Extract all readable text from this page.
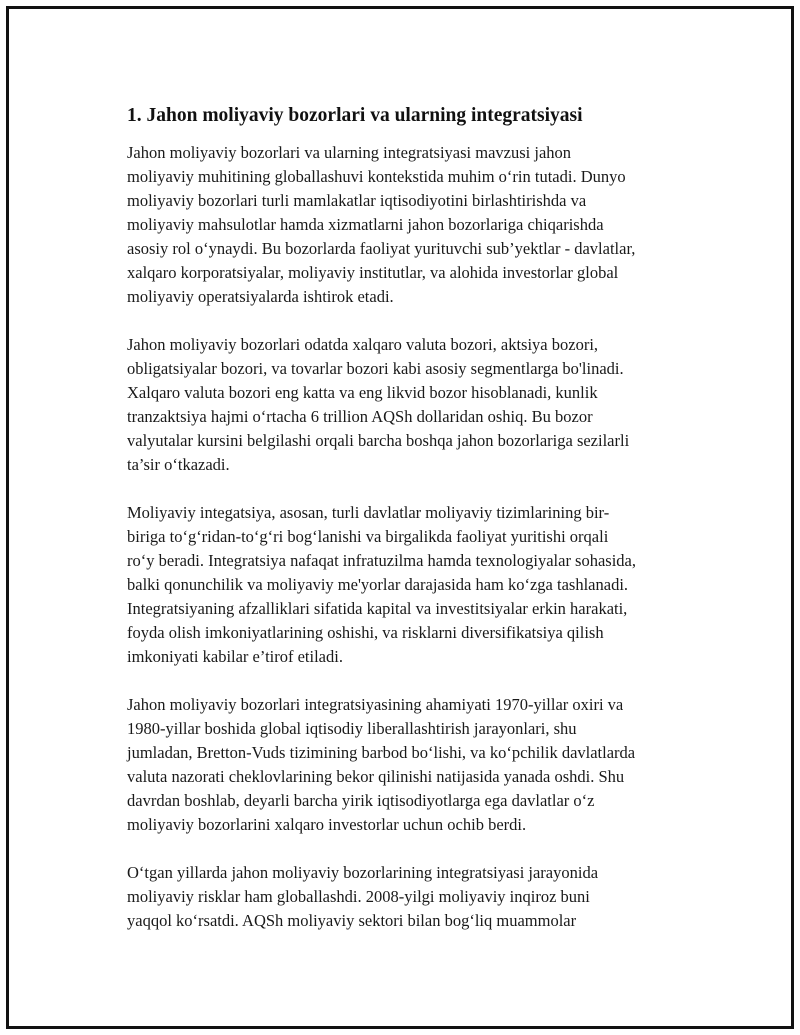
1. Jahon moliyaviy bozorlari va ularning integratsiyasi

Jahon moliyaviy bozorlari va ularning integratsiyasi mavzusi jahon
moliyaviy muhitining globallashuvi kontekstida muhim o‘rin tutadi. Dunyo
moliyaviy bozorlari turli mamlakatlar iqtisodiyotini birlashtirishda va
moliyaviy mahsulotlar hamda xizmatlarni jahon bozorlariga chiqarishda
asosiy rol o‘ynaydi. Bu bozorlarda faoliyat yurituvchi sub’yektlar - davlatlar,
xalqaro korporatsiyalar, moliyaviy institutlar, va alohida investorlar global
moliyaviy operatsiyalarda ishtirok etadi.

Jahon moliyaviy bozorlari odatda xalqaro valuta bozori, aktsiya bozori,
obligatsiyalar bozori, va tovarlar bozori kabi asosiy segmentlarga bo'linadi.
Xalqaro valuta bozori eng katta va eng likvid bozor hisoblanadi, kunlik
tranzaktsiya hajmi o‘rtacha 6 trillion AQSh dollaridan oshiq. Bu bozor
valyutalar kursini belgilashi orqali barcha boshqa jahon bozorlariga sezilarli
ta’sir o‘tkazadi.

Moliyaviy integatsiya, asosan, turli davlatlar moliyaviy tizimlarining bir-
biriga to‘g‘ridan-to‘g‘ri bog‘lanishi va birgalikda faoliyat yuritishi orqali
ro‘y beradi. Integratsiya nafaqat infratuzilma hamda texnologiyalar sohasida,
balki qonunchilik va moliyaviy me'yorlar darajasida ham ko‘zga tashlanadi.
Integratsiyaning afzalliklari sifatida kapital va investitsiyalar erkin harakati,
foyda olish imkoniyatlarining oshishi, va risklarni diversifikatsiya qilish
imkoniyati kabilar e’tirof etiladi.

Jahon moliyaviy bozorlari integratsiyasining ahamiyati 1970-yillar oxiri va
1980-yillar boshida global iqtisodiy liberallashtirish jarayonlari, shu
jumladan, Bretton-Vuds tizimining barbod bo‘lishi, va ko‘pchilik davlatlarda
valuta nazorati cheklovlarining bekor qilinishi natijasida yanada oshdi. Shu
davrdan boshlab, deyarli barcha yirik iqtisodiyotlarga ega davlatlar o‘z
moliyaviy bozorlarini xalqaro investorlar uchun ochib berdi.

O‘tgan yillarda jahon moliyaviy bozorlarining integratsiyasi jarayonida
moliyaviy risklar ham globallashdi. 2008-yilgi moliyaviy inqiroz buni
yaqqol ko‘rsatdi. AQSh moliyaviy sektori bilan bog‘liq muammolar
